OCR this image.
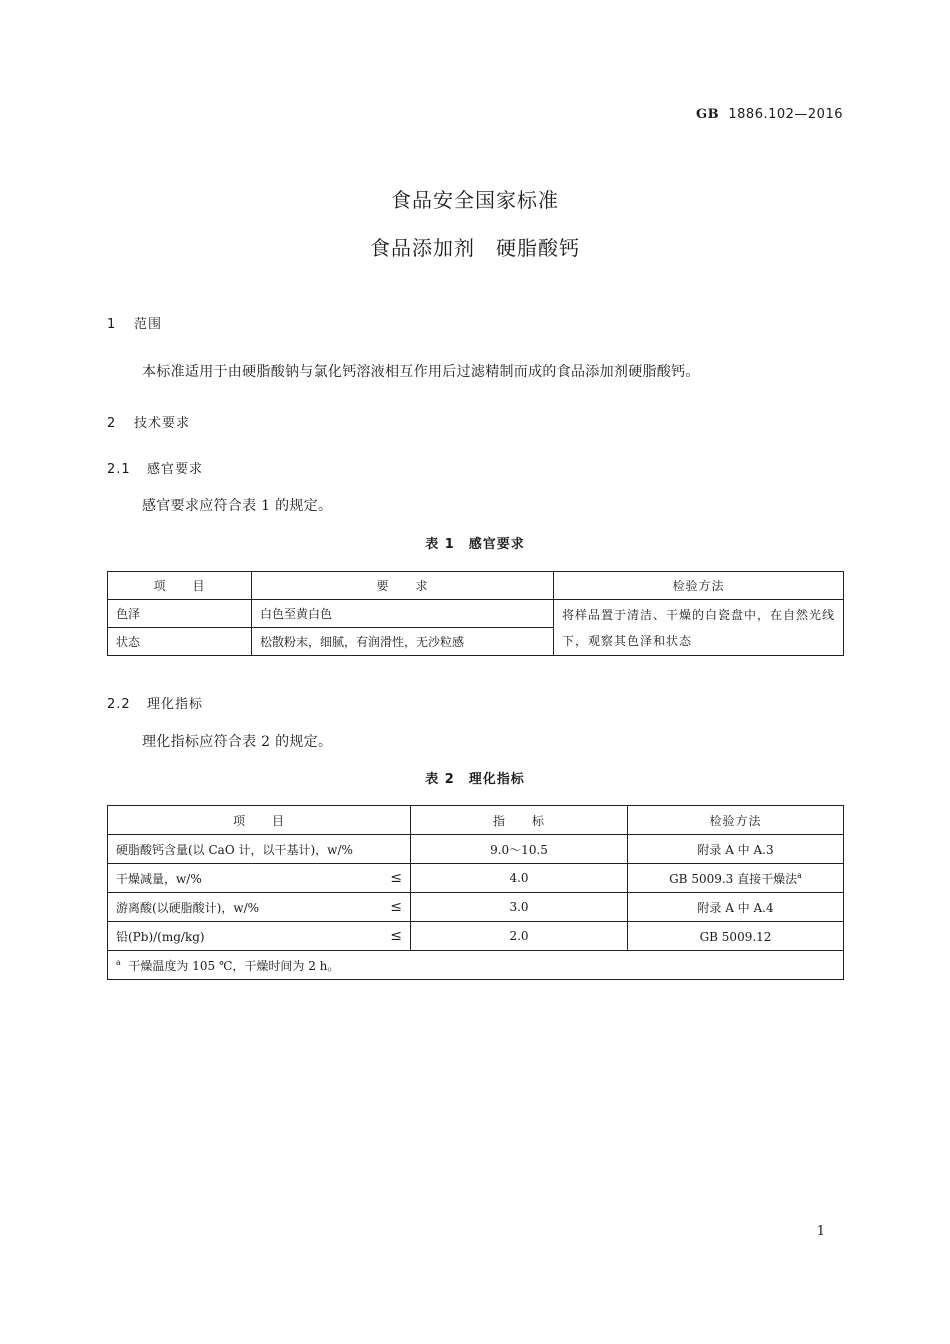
GB 1886.102—2016
食品安全国家标准
食品添加剂　硬脂酸钙
1 范围
本标准适用于由硬脂酸钠与氯化钙溶液相互作用后过滤精制而成的食品添加剂硬脂酸钙。
2 技术要求
2.1 感官要求
感官要求应符合表 1 的规定。
表 1　感官要求
项　　目	要　　求	检验方法
色泽	白色至黄白色	将样品置于清洁、干燥的白瓷盘中，在自然光线下，观察其色泽和状态
状态	松散粉末，细腻，有润滑性，无沙粒感	
2.2 理化指标
理化指标应符合表 2 的规定。
表 2　理化指标
项　　目	指　　标	检验方法
硬脂酸钙含量(以 CaO 计，以干基计)，w/%	9.0～10.5	附录 A 中 A.3
干燥减量，w/% ≤	4.0	GB 5009.3 直接干燥法$^a$
游离酸(以硬脂酸计)，w/% ≤	3.0	附录 A 中 A.4
铅(Pb)/(mg/kg) ≤	2.0	GB 5009.12
$^a$ 干燥温度为 105 ℃，干燥时间为 2 h。		
1
